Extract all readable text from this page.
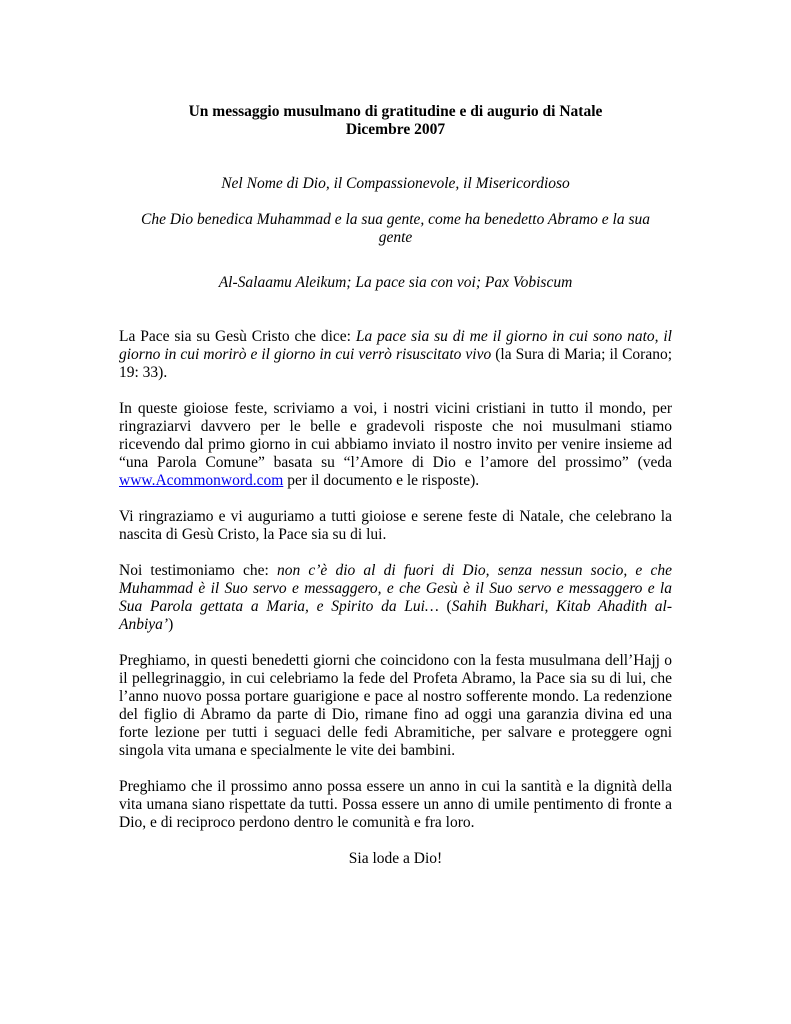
Un messaggio musulmano di gratitudine e di augurio di Natale

Dicembre 2007

Nel Nome di Dio, il Compassionevole, il Misericordioso

Che Dio benedica Muhammad e la sua gente, come ha benedetto Abramo e la sua gente

Al-Salaamu Aleikum; La pace sia con voi; Pax Vobiscum

La Pace sia su Gesù Cristo che dice: La pace sia su di me il giorno in cui sono nato, il giorno in cui morirò e il giorno in cui verrò risuscitato vivo (la Sura di Maria; il Corano; 19: 33).

In queste gioiose feste, scriviamo a voi, i nostri vicini cristiani in tutto il mondo, per ringraziarvi davvero per le belle e gradevoli risposte che noi musulmani stiamo ricevendo dal primo giorno in cui abbiamo inviato il nostro invito per venire insieme ad “una Parola Comune” basata su “l’Amore di Dio e l’amore del prossimo” (veda www.Acommonword.com per il documento e le risposte).

Vi ringraziamo e vi auguriamo a tutti gioiose e serene feste di Natale, che celebrano la nascita di Gesù Cristo, la Pace sia su di lui.

Noi testimoniamo che: non c’è dio al di fuori di Dio, senza nessun socio, e che Muhammad è il Suo servo e messaggero, e che Gesù è il Suo servo e messaggero e la Sua Parola gettata a Maria, e Spirito da Lui… (Sahih Bukhari, Kitab Ahadith al-Anbiya’)

Preghiamo, in questi benedetti giorni che coincidono con la festa musulmana dell’Hajj o il pellegrinaggio, in cui celebriamo la fede del Profeta Abramo, la Pace sia su di lui, che l’anno nuovo possa portare guarigione e pace al nostro sofferente mondo. La redenzione del figlio di Abramo da parte di Dio, rimane fino ad oggi una garanzia divina ed una forte lezione per tutti i seguaci delle fedi Abramitiche, per salvare e proteggere ogni singola vita umana e specialmente le vite dei bambini.

Preghiamo che il prossimo anno possa essere un anno in cui la santità e la dignità della vita umana siano rispettate da tutti. Possa essere un anno di umile pentimento di fronte a Dio, e di reciproco perdono dentro le comunità e fra loro.

Sia lode a Dio!
